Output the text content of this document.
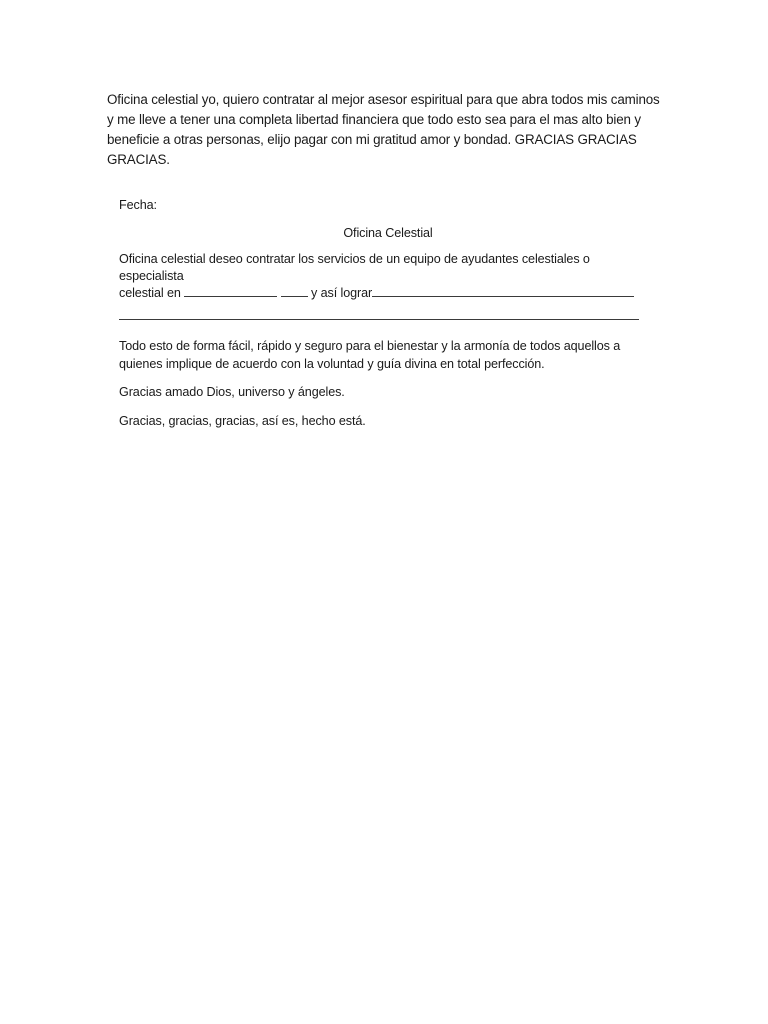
Oficina celestial yo, quiero contratar al mejor asesor espiritual para que abra todos mis caminos y me lleve a tener una completa libertad financiera que todo esto sea para el mas alto bien y beneficie a otras personas, elijo pagar con mi gratitud amor y bondad. GRACIAS GRACIAS GRACIAS.

Fecha:

Oficina Celestial

Oficina celestial deseo contratar los servicios de un equipo de ayudantes celestiales o especialista
celestial en	y así lograr

Todo esto de forma fácil, rápido y seguro para el bienestar y la armonía de todos aquellos a quienes implique de acuerdo con la voluntad y guía divina en total perfección.

Gracias amado Dios, universo y ángeles.

Gracias, gracias, gracias, así es, hecho está.
